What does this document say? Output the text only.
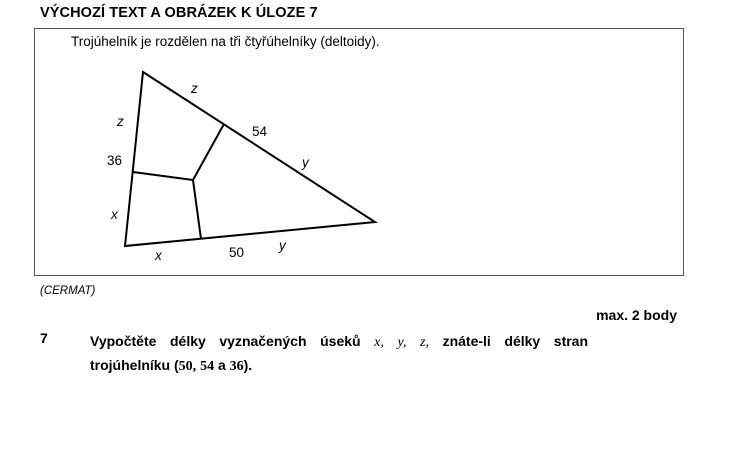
VÝCHOZÍ TEXT A OBRÁZEK K ÚLOZE 7
Trojúhelník je rozdělen na tři čtyřúhelníky (deltoidy).
z
z
54
y
36
x
x	50	y
(CERMAT)
max. 2 body
7	Vypočtěte délky vyznačených úseků x, y, z, znáte-li délky stran
trojúhelníku (50, 54 a 36).
